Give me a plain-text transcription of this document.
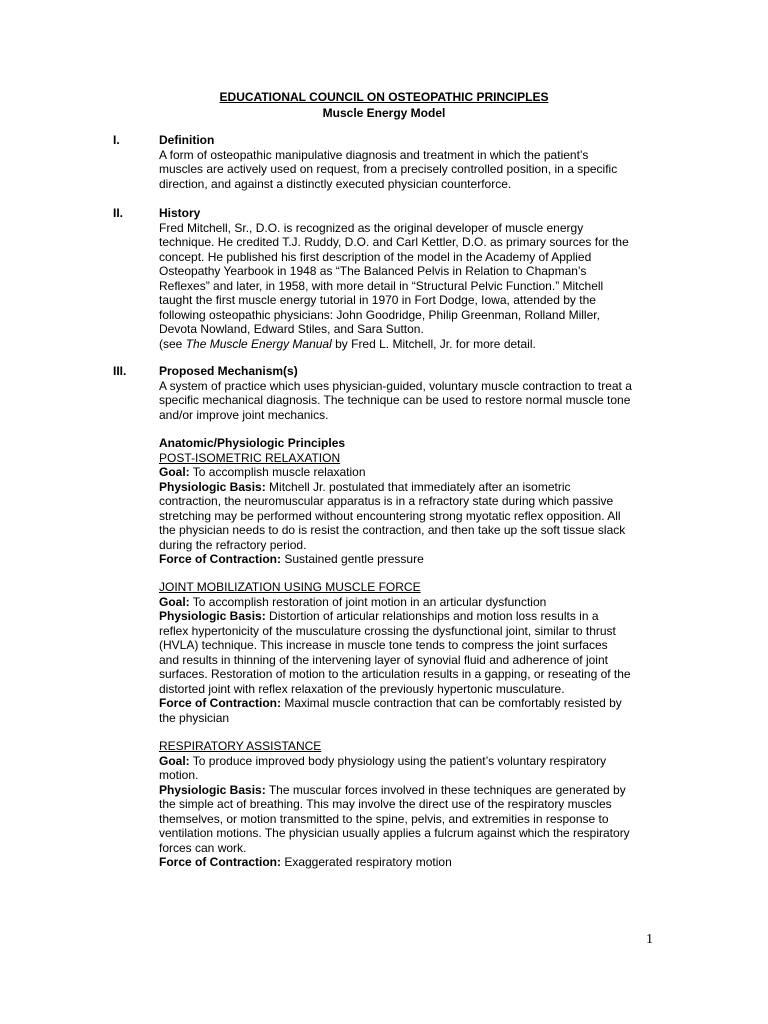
EDUCATIONAL COUNCIL ON OSTEOPATHIC PRINCIPLES
Muscle Energy Model
I.	Definition

A form of osteopathic manipulative diagnosis and treatment in which the patient’s

muscles are actively used on request, from a precisely controlled position, in a specific

direction, and against a distinctly executed physician counterforce.

II.	History

Fred Mitchell, Sr., D.O. is recognized as the original developer of muscle energy

technique. He credited T.J. Ruddy, D.O. and Carl Kettler, D.O. as primary sources for the

concept. He published his first description of the model in the Academy of Applied

Osteopathy Yearbook in 1948 as “The Balanced Pelvis in Relation to Chapman’s

Reflexes” and later, in 1958, with more detail in “Structural Pelvic Function.” Mitchell

taught the first muscle energy tutorial in 1970 in Fort Dodge, Iowa, attended by the

following osteopathic physicians: John Goodridge, Philip Greenman, Rolland Miller,

Devota Nowland, Edward Stiles, and Sara Sutton.

(see The Muscle Energy Manual by Fred L. Mitchell, Jr. for more detail.

III.	Proposed Mechanism(s)

A system of practice which uses physician-guided, voluntary muscle contraction to treat a

specific mechanical diagnosis. The technique can be used to restore normal muscle tone

and/or improve joint mechanics.

Anatomic/Physiologic Principles

POST-ISOMETRIC RELAXATION

Goal: To accomplish muscle relaxation

Physiologic Basis: Mitchell Jr. postulated that immediately after an isometric

contraction, the neuromuscular apparatus is in a refractory state during which passive

stretching may be performed without encountering strong myotatic reflex opposition. All

the physician needs to do is resist the contraction, and then take up the soft tissue slack

during the refractory period.

Force of Contraction: Sustained gentle pressure

JOINT MOBILIZATION USING MUSCLE FORCE

Goal: To accomplish restoration of joint motion in an articular dysfunction

Physiologic Basis: Distortion of articular relationships and motion loss results in a

reflex hypertonicity of the musculature crossing the dysfunctional joint, similar to thrust

(HVLA) technique. This increase in muscle tone tends to compress the joint surfaces

and results in thinning of the intervening layer of synovial fluid and adherence of joint

surfaces. Restoration of motion to the articulation results in a gapping, or reseating of the

distorted joint with reflex relaxation of the previously hypertonic musculature.

Force of Contraction: Maximal muscle contraction that can be comfortably resisted by

the physician

RESPIRATORY ASSISTANCE

Goal: To produce improved body physiology using the patient’s voluntary respiratory

motion.

Physiologic Basis: The muscular forces involved in these techniques are generated by

the simple act of breathing. This may involve the direct use of the respiratory muscles

themselves, or motion transmitted to the spine, pelvis, and extremities in response to

ventilation motions. The physician usually applies a fulcrum against which the respiratory

forces can work.

Force of Contraction: Exaggerated respiratory motion

1
